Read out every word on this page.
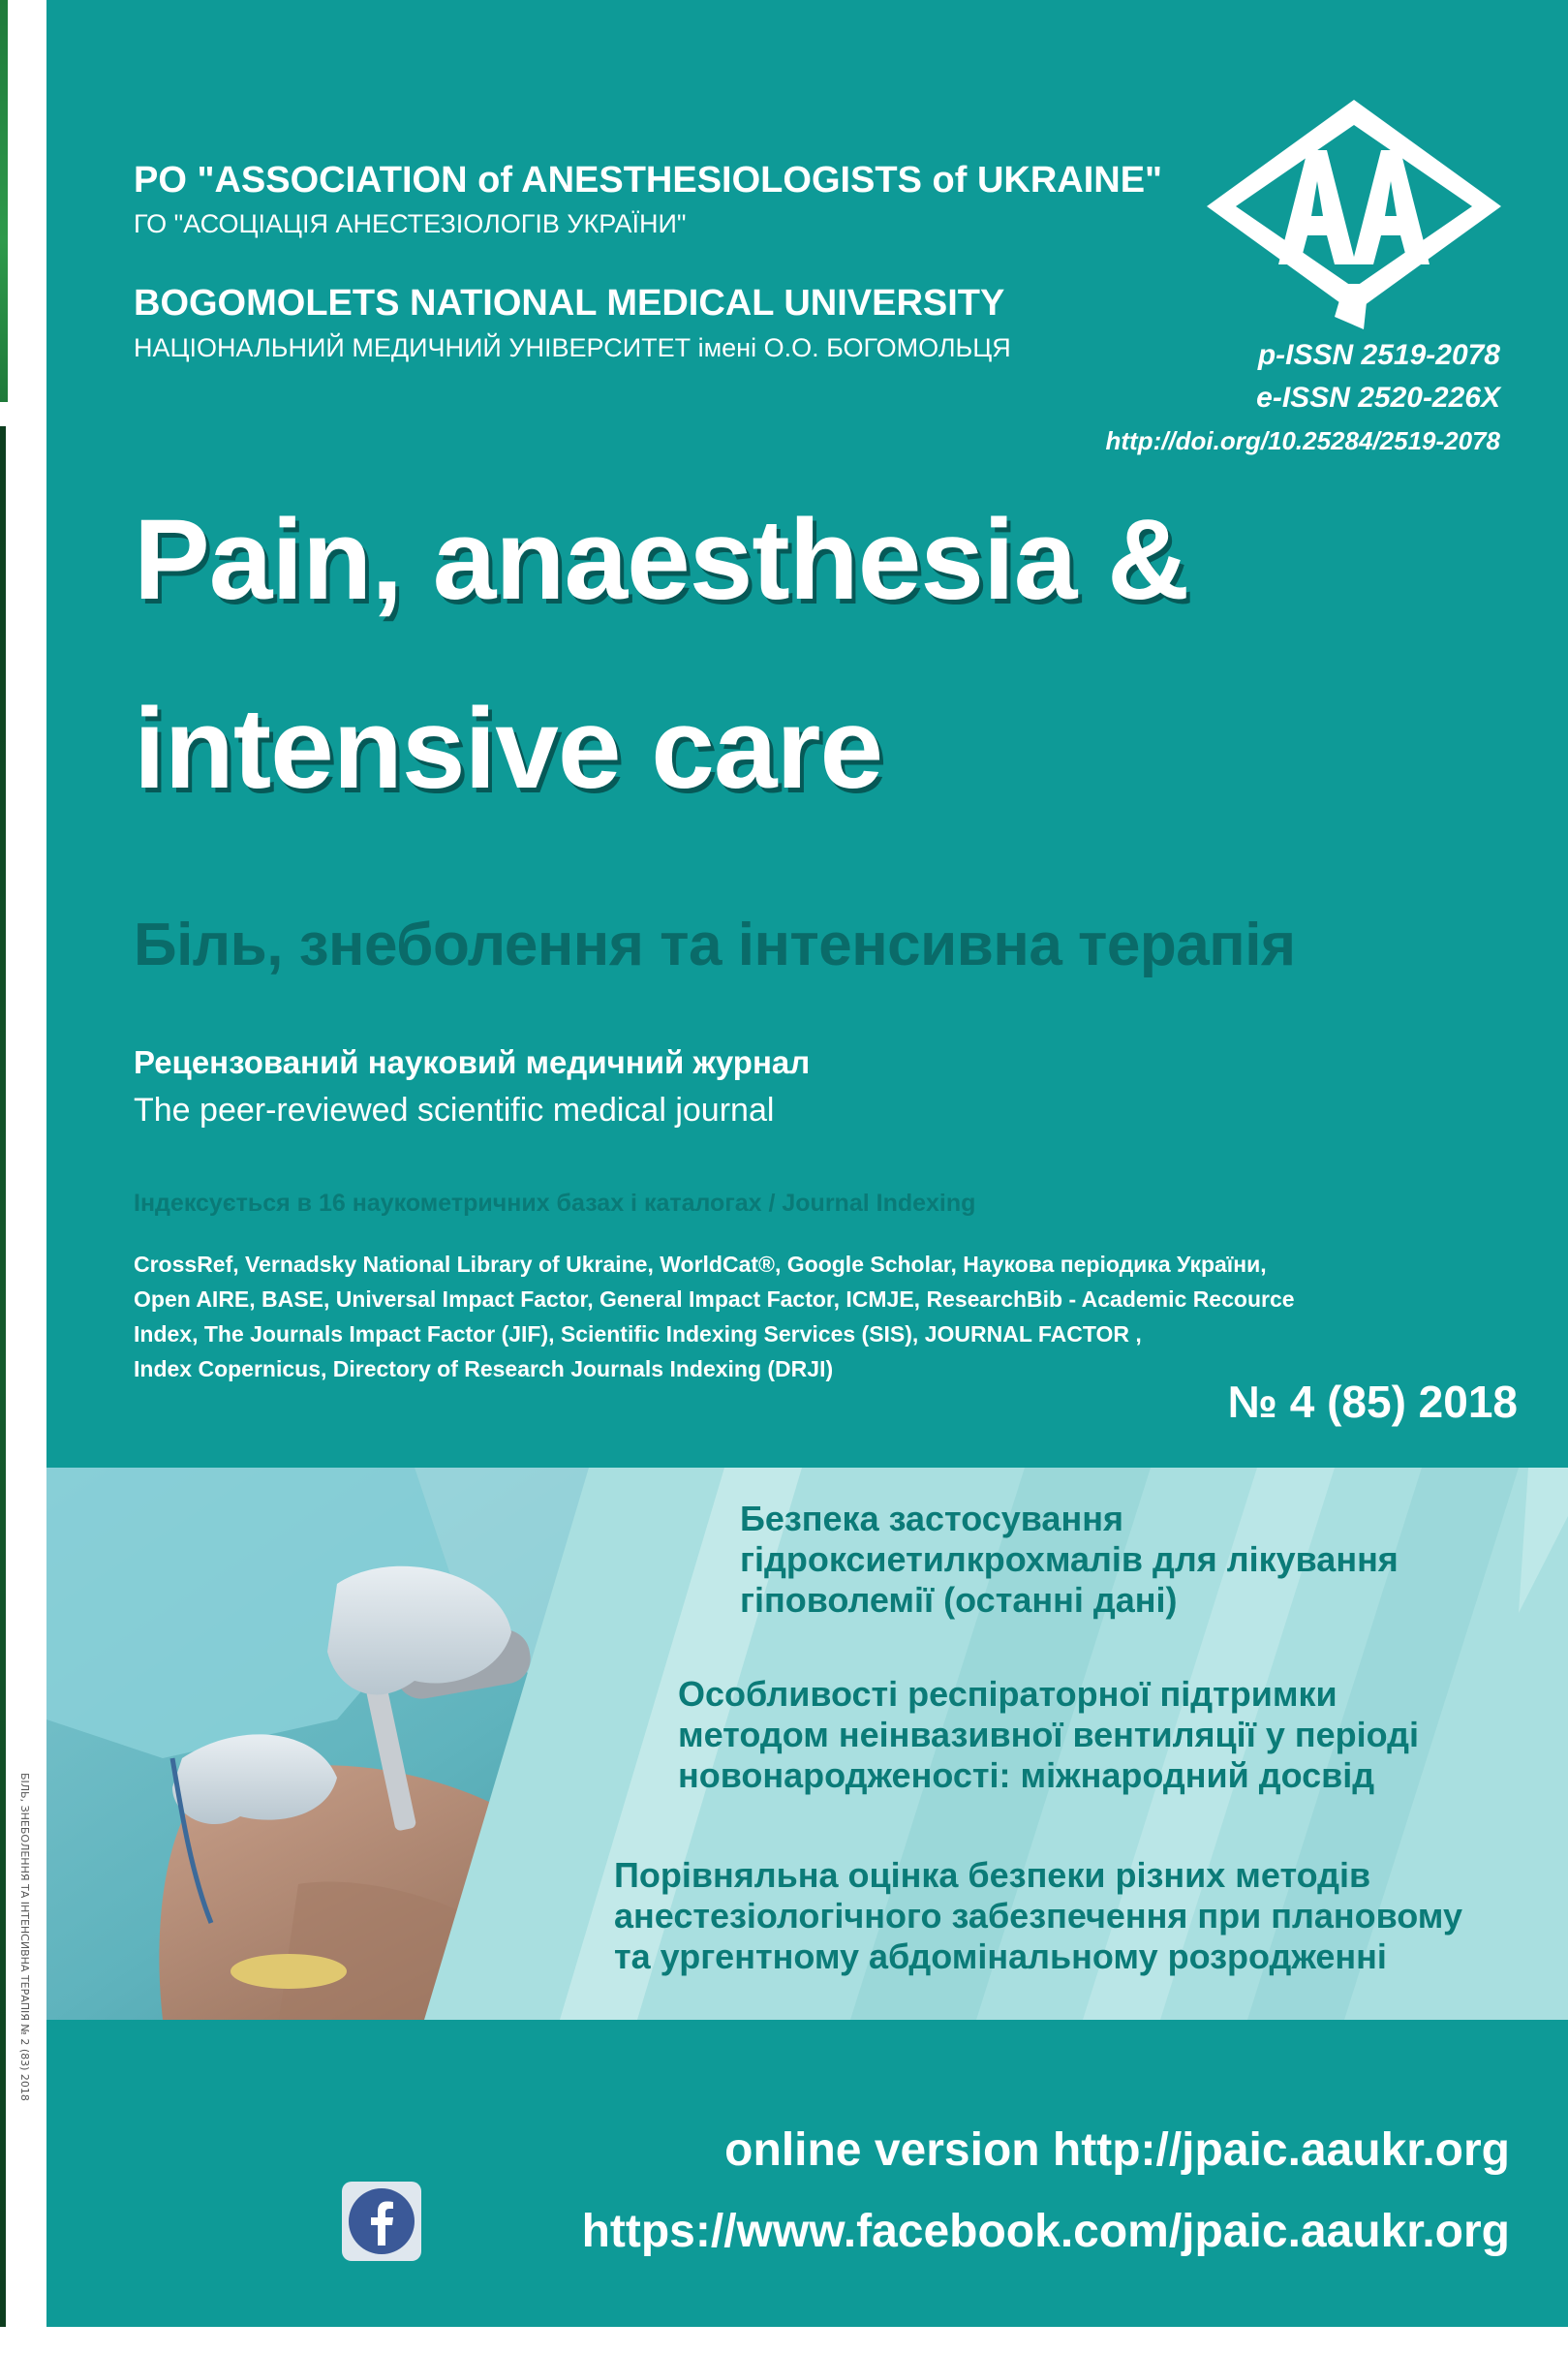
БІЛЬ, ЗНЕБОЛЕННЯ ТА ІНТЕНСИВНА ТЕРАПІЯ № 2 (83) 2018
PO "ASSOCIATION of ANESTHESIOLOGISTS of UKRAINE"
ГО "АСОЦІАЦІЯ АНЕСТЕЗІОЛОГІВ УКРАЇНИ"
BOGOMOLETS NATIONAL MEDICAL UNIVERSITY
НАЦІОНАЛЬНИЙ МЕДИЧНИЙ УНІВЕРСИТЕТ імені О.О. БОГОМОЛЬЦЯ	p-ISSN 2519-2078
e-ISSN 2520-226X
http://doi.org/10.25284/2519-2078
Pain, anaesthesia &
intensive care
Біль, знеболення та інтенсивна терапія
Рецензований науковий медичний журнал
The peer-reviewed scientific medical journal
Індексується в 16 наукометричних базах і каталогах / Journal Indexing
CrossRef, Vernadsky National Library of Ukraine, WorldCat®, Google Scholar, Наукова періодика України,
Open AIRE, BASE, Universal Impact Factor, General Impact Factor, ICMJE, ResearchBib - Academic Recource
Index, The Journals Impact Factor (JIF), Scientific Indexing Services (SIS), JOURNAL FACTOR ,
Index Copernicus, Directory of Research Journals Indexing (DRJI)
№ 4 (85) 2018
Безпека застосування
гідроксиетилкрохмалів для лікування
гіповолемії (останні дані)
Особливості респіраторної підтримки
методом неінвазивної вентиляції у періоді
новонародженості: міжнародний досвід
Порівняльна оцінка безпеки різних методів
анестезіологічного забезпечення при плановому
та ургентному абдомінальному розродженні
online version http://jpaic.aaukr.org
https://www.facebook.com/jpaic.aaukr.org
